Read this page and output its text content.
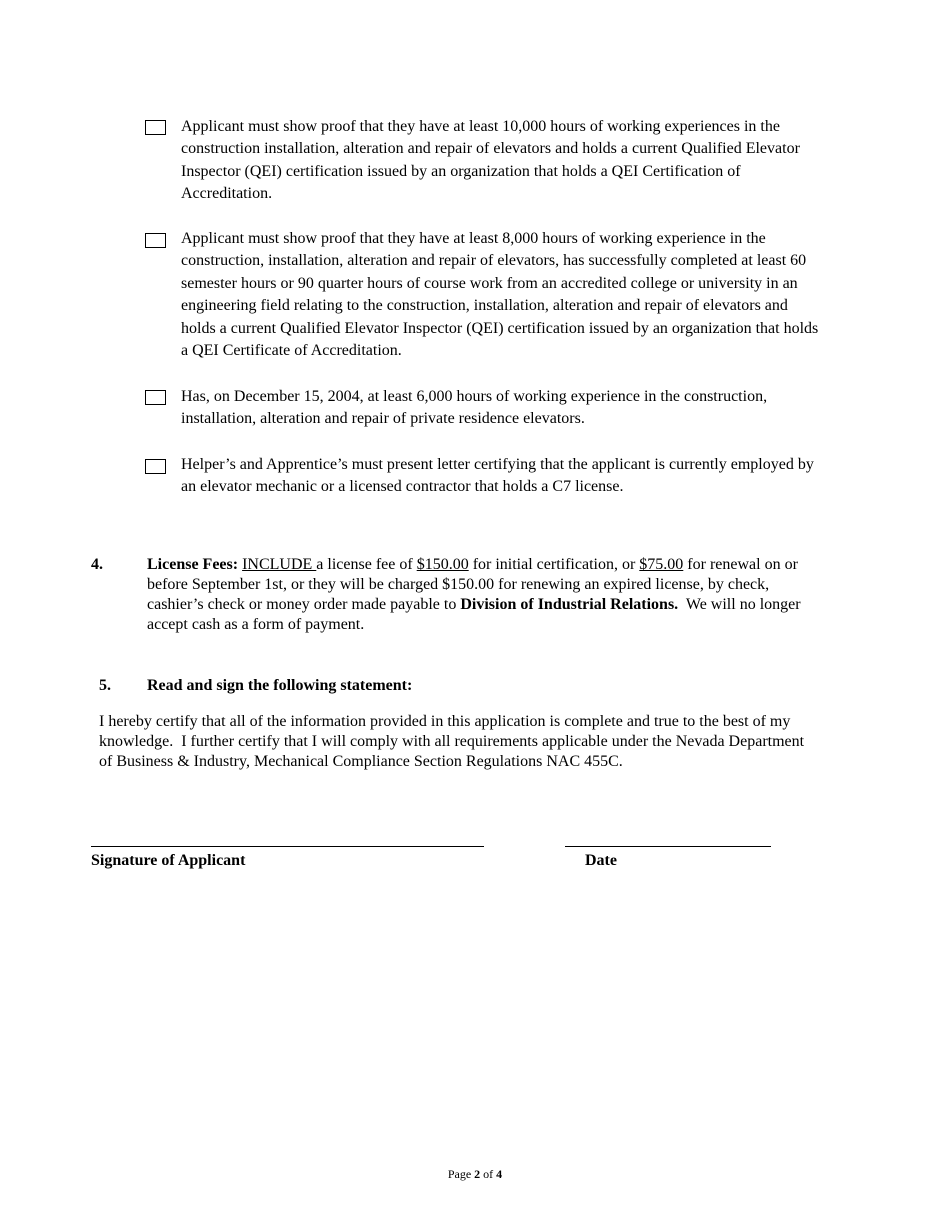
Applicant must show proof that they have at least 10,000 hours of working experiences in the construction installation, alteration and repair of elevators and holds a current Qualified Elevator Inspector (QEI) certification issued by an organization that holds a QEI Certification of Accreditation.
Applicant must show proof that they have at least 8,000 hours of working experience in the construction, installation, alteration and repair of elevators, has successfully completed at least 60 semester hours or 90 quarter hours of course work from an accredited college or university in an engineering field relating to the construction, installation, alteration and repair of elevators and holds a current Qualified Elevator Inspector (QEI) certification issued by an organization that holds a QEI Certificate of Accreditation.
Has, on December 15, 2004, at least 6,000 hours of working experience in the construction, installation, alteration and repair of private residence elevators.
Helper’s and Apprentice’s must present letter certifying that the applicant is currently employed by an elevator mechanic or a licensed contractor that holds a C7 license.
4.	License Fees: INCLUDE a license fee of $150.00 for initial certification, or $75.00 for renewal on or before September 1st, or they will be charged $150.00 for renewing an expired license, by check, cashier’s check or money order made payable to Division of Industrial Relations.  We will no longer accept cash as a form of payment.
5. Read and sign the following statement:
I hereby certify that all of the information provided in this application is complete and true to the best of my knowledge.  I further certify that I will comply with all requirements applicable under the Nevada Department of Business & Industry, Mechanical Compliance Section Regulations NAC 455C.
Signature of Applicant	Date
Page 2 of 4
